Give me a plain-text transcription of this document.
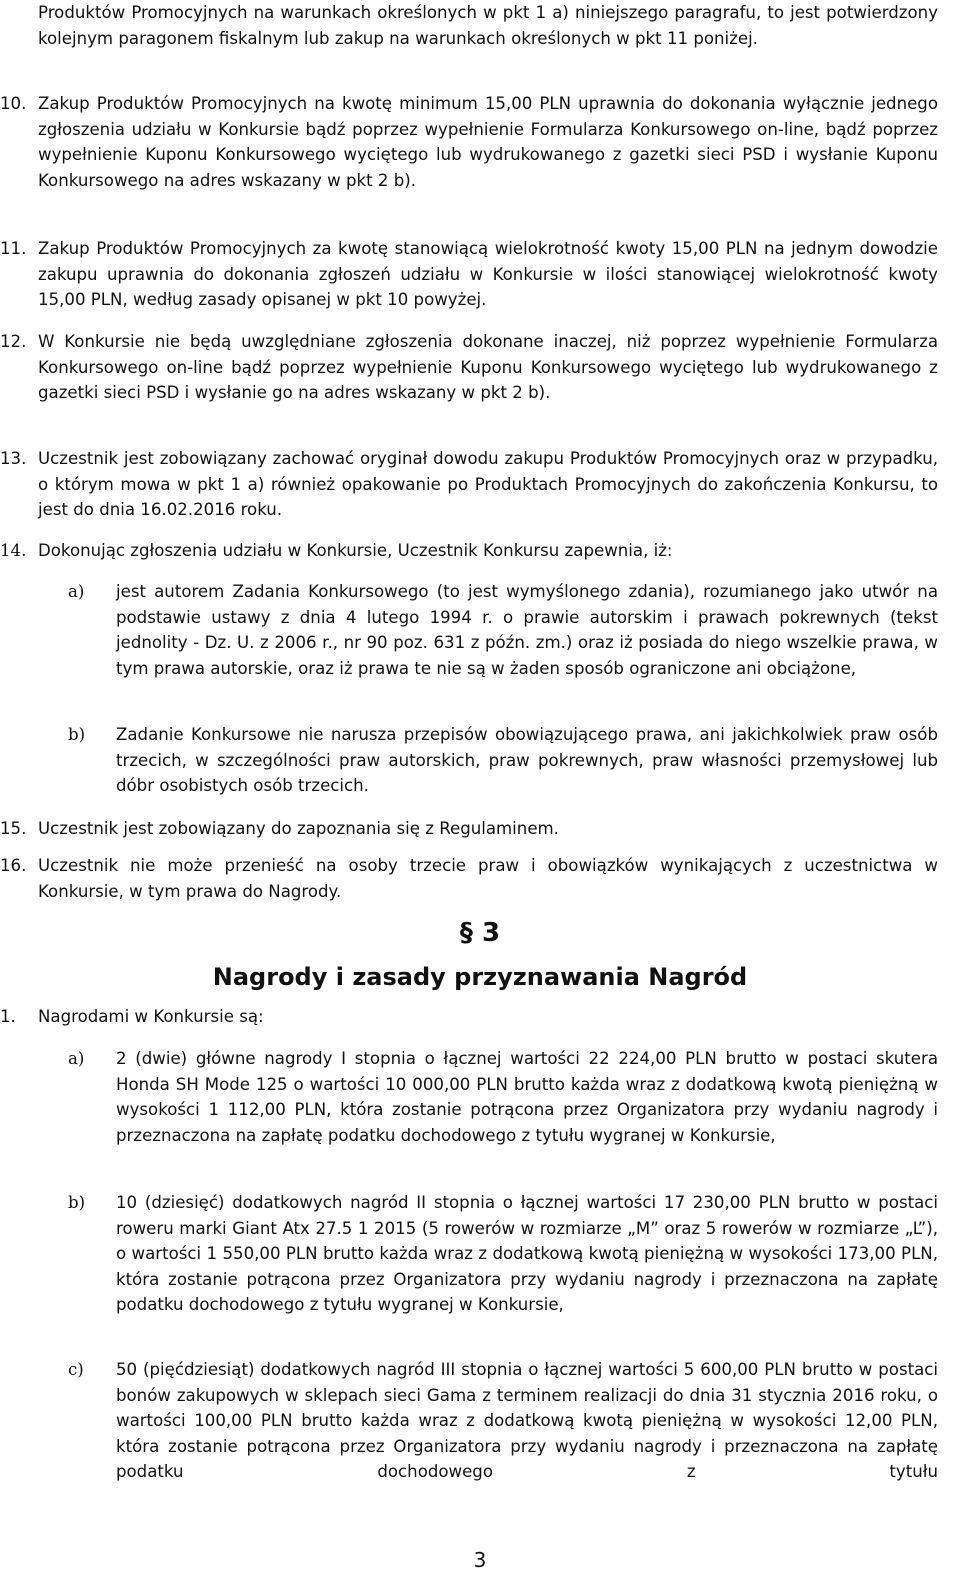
Produktów Promocyjnych na warunkach określonych w pkt 1 a) niniejszego paragrafu, to jest potwierdzony kolejnym paragonem fiskalnym lub zakup na warunkach określonych w pkt 11 poniżej.
10. Zakup Produktów Promocyjnych na kwotę minimum 15,00 PLN uprawnia do dokonania wyłącznie jednego zgłoszenia udziału w Konkursie bądź poprzez wypełnienie Formularza Konkursowego on-line, bądź poprzez wypełnienie Kuponu Konkursowego wyciętego lub wydrukowanego z gazetki sieci PSD i wysłanie Kuponu Konkursowego na adres wskazany w pkt 2 b).
11. Zakup Produktów Promocyjnych za kwotę stanowiącą wielokrotność kwoty 15,00 PLN na jednym dowodzie zakupu uprawnia do dokonania zgłoszeń udziału w Konkursie w ilości stanowiącej wielokrotność kwoty 15,00 PLN, według zasady opisanej w pkt 10 powyżej.
12. W Konkursie nie będą uwzględniane zgłoszenia dokonane inaczej, niż poprzez wypełnienie Formularza Konkursowego on-line bądź poprzez wypełnienie Kuponu Konkursowego wyciętego lub wydrukowanego z gazetki sieci PSD i wysłanie go na adres wskazany w pkt 2 b).
13. Uczestnik jest zobowiązany zachować oryginał dowodu zakupu Produktów Promocyjnych oraz w przypadku, o którym mowa w pkt 1 a) również opakowanie po Produktach Promocyjnych do zakończenia Konkursu, to jest do dnia 16.02.2016 roku.
14. Dokonując zgłoszenia udziału w Konkursie, Uczestnik Konkursu zapewnia, iż:
a) jest autorem Zadania Konkursowego (to jest wymyślonego zdania), rozumianego jako utwór na podstawie ustawy z dnia 4 lutego 1994 r. o prawie autorskim i prawach pokrewnych (tekst jednolity - Dz. U. z 2006 r., nr 90 poz. 631 z późn. zm.) oraz iż posiada do niego wszelkie prawa, w tym prawa autorskie, oraz iż prawa te nie są w żaden sposób ograniczone ani obciążone,
b) Zadanie Konkursowe nie narusza przepisów obowiązującego prawa, ani jakichkolwiek praw osób trzecich, w szczególności praw autorskich, praw pokrewnych, praw własności przemysłowej lub dóbr osobistych osób trzecich.
15. Uczestnik jest zobowiązany do zapoznania się z Regulaminem.
16. Uczestnik nie może przenieść na osoby trzecie praw i obowiązków wynikających z uczestnictwa w Konkursie, w tym prawa do Nagrody.
§ 3
Nagrody i zasady przyznawania Nagród
1. Nagrodami w Konkursie są:
a) 2 (dwie) główne nagrody I stopnia o łącznej wartości 22 224,00 PLN brutto w postaci skutera Honda SH Mode 125 o wartości 10 000,00 PLN brutto każda wraz z dodatkową kwotą pieniężną w wysokości 1 112,00 PLN, która zostanie potrącona przez Organizatora przy wydaniu nagrody i przeznaczona na zapłatę podatku dochodowego z tytułu wygranej w Konkursie,
b) 10 (dziesięć) dodatkowych nagród II stopnia o łącznej wartości 17 230,00 PLN brutto w postaci roweru marki Giant Atx 27.5 1 2015 (5 rowerów w rozmiarze „M” oraz 5 rowerów w rozmiarze „L”), o wartości 1 550,00 PLN brutto każda wraz z dodatkową kwotą pieniężną w wysokości 173,00 PLN, która zostanie potrącona przez Organizatora przy wydaniu nagrody i przeznaczona na zapłatę podatku dochodowego z tytułu wygranej w Konkursie,
c) 50 (pięćdziesiąt) dodatkowych nagród III stopnia o łącznej wartości 5 600,00 PLN brutto w postaci bonów zakupowych w sklepach sieci Gama z terminem realizacji do dnia 31 stycznia 2016 roku, o wartości 100,00 PLN brutto każda wraz z dodatkową kwotą pieniężną w wysokości 12,00 PLN, która zostanie potrącona przez Organizatora przy wydaniu nagrody i przeznaczona na zapłatę podatku dochodowego z tytułu
3
